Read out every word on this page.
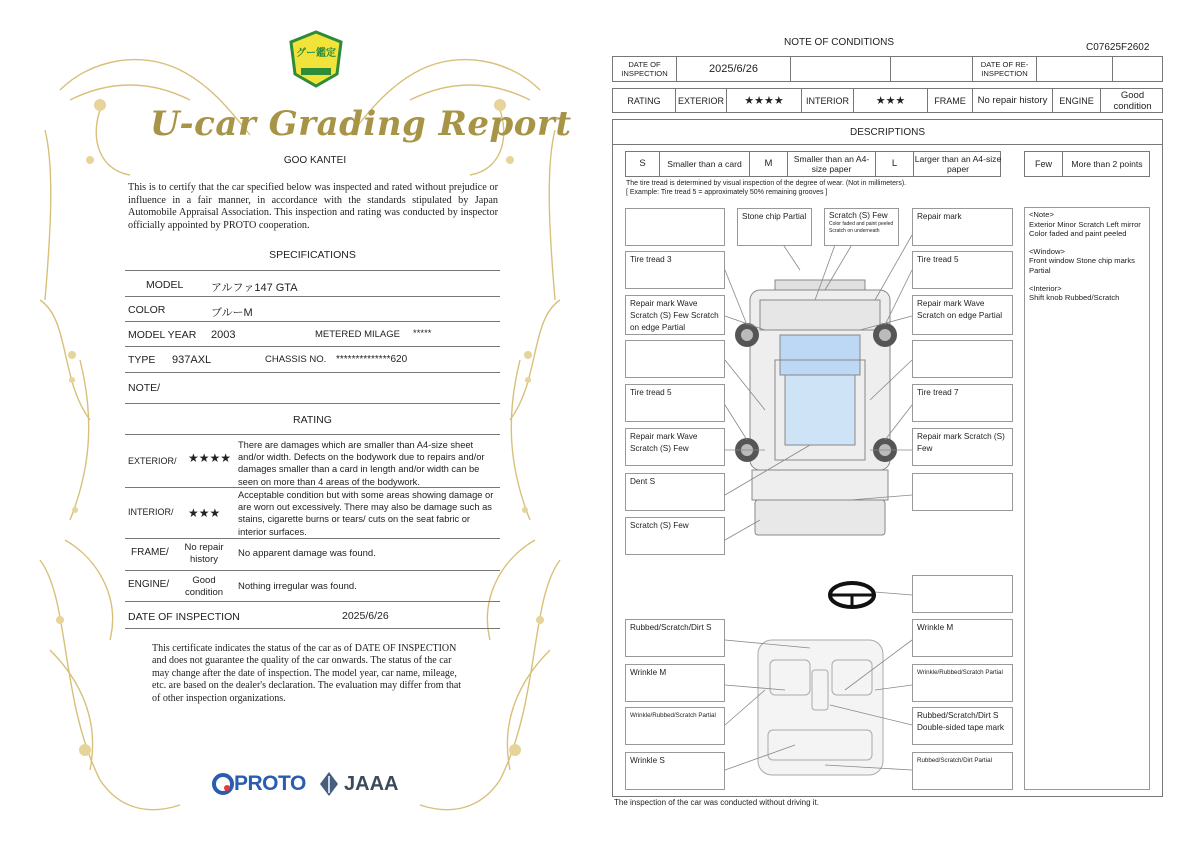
グー鑑定
U-car Grading Report
GOO KANTEI
This is to certify that the car specified below was inspected and rated without prejudice or influence in a fair manner, in accordance with the standards stipulated by Japan Automobile Appraisal Association. This inspection and rating was conducted by inspector officially appointed by PROTO cooperation.
SPECIFICATIONS
MODEL	アルファ147 GTA
COLOR	ブルーM
MODEL YEAR 2003	METERED MILAGE *****
TYPE 937AXL	CHASSIS NO. **************620
NOTE/
RATING
EXTERIOR/ ★★★★
There are damages which are smaller than A4-size sheet and/or width. Defects on the bodywork due to repairs and/or damages smaller than a card in length and/or width can be seen on more than 4 areas of the bodywork.
INTERIOR/ ★★★
Acceptable condition but with some areas showing damage or are worn out excessively. There may also be damage such as stains, cigarette burns or tears/ cuts on the seat fabric or interior surfaces.
FRAME/	No repair history	No apparent damage was found.
ENGINE/	Good condition	Nothing irregular was found.
DATE OF INSPECTION	2025/6/26
This certificate indicates the status of the car as of DATE OF INSPECTION and does not guarantee the quality of the car onwards. The status of the car may change after the date of inspection. The model year, car name, mileage, etc. are based on the dealer's declaration. The evaluation may differ from that of other inspection organizations.
PROTO JAAA
NOTE OF CONDITIONS	C07625F2602
DATE OF INSPECTION	2025/6/26	DATE OF RE-INSPECTION
RATING	EXTERIOR	★★★★	INTERIOR	★★★	FRAME	No repair history	ENGINE	Good condition
DESCRIPTIONS
S	Smaller than a card	M	Smaller than an A4-size paper	L	Larger than an A4-size paper	Few	More than 2 points
The tire tread is determined by visual inspection of the degree of wear. (Not in millimeters).
[ Example: Tire tread 5 = approximately 50% remaining grooves ]
Stone chip Partial	Scratch (S) Few
Color faded and paint peeled Scratch on underneath
Repair mark
Tire tread 3	Tire tread 5
Repair mark Wave Scratch (S) Few Scratch on edge Partial
Repair mark Wave Scratch on edge Partial
Tire tread 5	Tire tread 7
Repair mark Wave Scratch (S) Few
Repair mark Scratch (S) Few
Dent S
Scratch (S) Few
Rubbed/Scratch/Dirt S	Wrinkle M
Wrinkle M	Wrinkle/Rubbed/Scratch Partial
Wrinkle/Rubbed/Scratch Partial	Rubbed/Scratch/Dirt S Double-sided tape mark
Wrinkle S	Rubbed/Scratch/Dirt Partial
<Note>
Exterior Minor Scratch Left mirror Color faded and paint peeled
<Window>
Front window Stone chip marks Partial
<Interior>
Shift knob Rubbed/Scratch
The inspection of the car was conducted without driving it.
